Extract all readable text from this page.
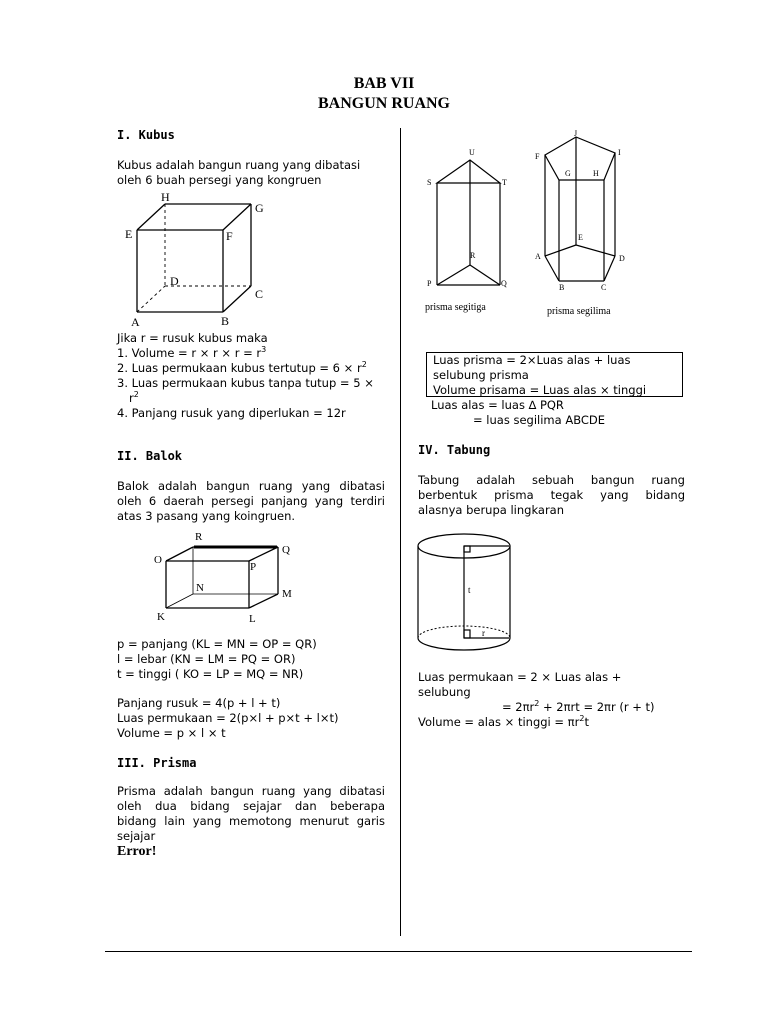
BAB VII
BANGUN RUANG
I. Kubus
Kubus adalah bangun ruang yang dibatasi
oleh 6 buah persegi yang kongruen
H
G
E	F
D
C
A	B
Jika r = rusuk kubus maka
1. Volume = $r \times r \times r = r^3$
2. Luas permukaan kubus tertutup = $6 \times r^2$
3. Luas permukaan kubus tanpa tutup = 5 ×
$r^2$
4. Panjang rusuk yang diperlukan = 12r
II. Balok
Balok adalah bangun ruang yang dibatasi
oleh 6 daerah persegi panjang yang terdiri
atas 3 pasang yang koingruen.
R
Q
O
P
N	M
K	L
p = panjang (KL = MN = OP = QR)
l = lebar (KN = LM = PQ = OR)
t = tinggi ( KO = LP = MQ = NR)
Panjang rusuk = 4(p + l + t)
Luas permukaan = 2(p×l + p×t + l×t)
Volume = p × l × t
III. Prisma
Prisma adalah bangun ruang yang dibatasi
oleh dua bidang sejajar dan beberapa
bidang lain yang memotong menurut garis
sejajar
Error!
U
S	T
R
P	Q
prisma segitiga
J
F	I
G	H
E
A	D
B	C
prisma segilima
Luas prisma = 2×Luas alas + luas
selubung prisma
Volume prisama = Luas alas × tinggi
Luas alas = luas ∆ PQR
= luas segilima ABCDE
IV. Tabung
Tabung adalah sebuah bangun ruang
berbentuk prisma tegak yang bidang
alasnya berupa lingkaran
t
r
Luas permukaan = 2 × Luas alas +
selubung
= $2\pi r^2 + 2\pi rt = 2\pi r$ (r + t)
Volume = alas × tinggi = $\pi r^2t$
